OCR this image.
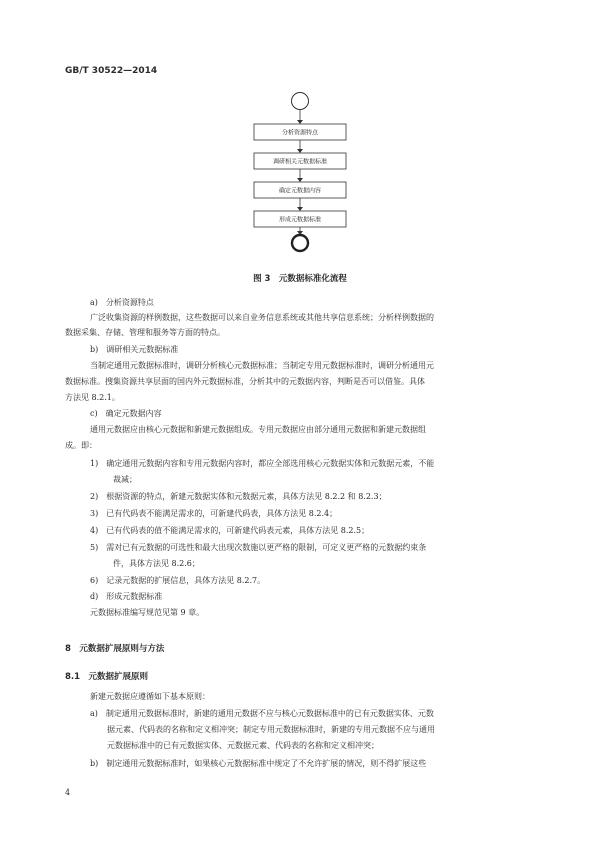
GB/T 30522—2014
分析资源特点
调研相关元数据标准
确定元数据内容
形成元数据标准
图 3　元数据标准化流程
a)　分析资源特点
广泛收集资源的样例数据，这些数据可以来自业务信息系统或其他共享信息系统；分析样例数据的
数据采集、存储、管理和服务等方面的特点。
b)　调研相关元数据标准
当制定通用元数据标准时，调研分析核心元数据标准；当制定专用元数据标准时，调研分析通用元
数据标准。搜集资源共享层面的国内外元数据标准，分析其中的元数据内容，判断是否可以借鉴。具体
方法见 8.2.1。
c)　确定元数据内容
通用元数据应由核心元数据和新建元数据组成。专用元数据应由部分通用元数据和新建元数据组
成。即：
1)　确定通用元数据内容和专用元数据内容时，都应全部选用核心元数据实体和元数据元素，不能
裁减；
2)　根据资源的特点，新建元数据实体和元数据元素，具体方法见 8.2.2 和 8.2.3；
3)　已有代码表不能满足需求的，可新建代码表，具体方法见 8.2.4；
4)　已有代码表的值不能满足需求的，可新建代码表元素，具体方法见 8.2.5；
5)　需对已有元数据的可选性和最大出现次数施以更严格的限制，可定义更严格的元数据约束条
件，具体方法见 8.2.6；
6)　记录元数据的扩展信息，具体方法见 8.2.7。
d)　形成元数据标准
元数据标准编写规范见第 9 章。
8　元数据扩展原则与方法
8.1　元数据扩展原则
新建元数据应遵循如下基本原则：
a)　制定通用元数据标准时，新建的通用元数据不应与核心元数据标准中的已有元数据实体、元数
据元素、代码表的名称和定义相冲突；制定专用元数据标准时，新建的专用元数据不应与通用
元数据标准中的已有元数据实体、元数据元素、代码表的名称和定义相冲突；
b)　制定通用元数据标准时，如果核心元数据标准中规定了不允许扩展的情况，则不得扩展这些
4
